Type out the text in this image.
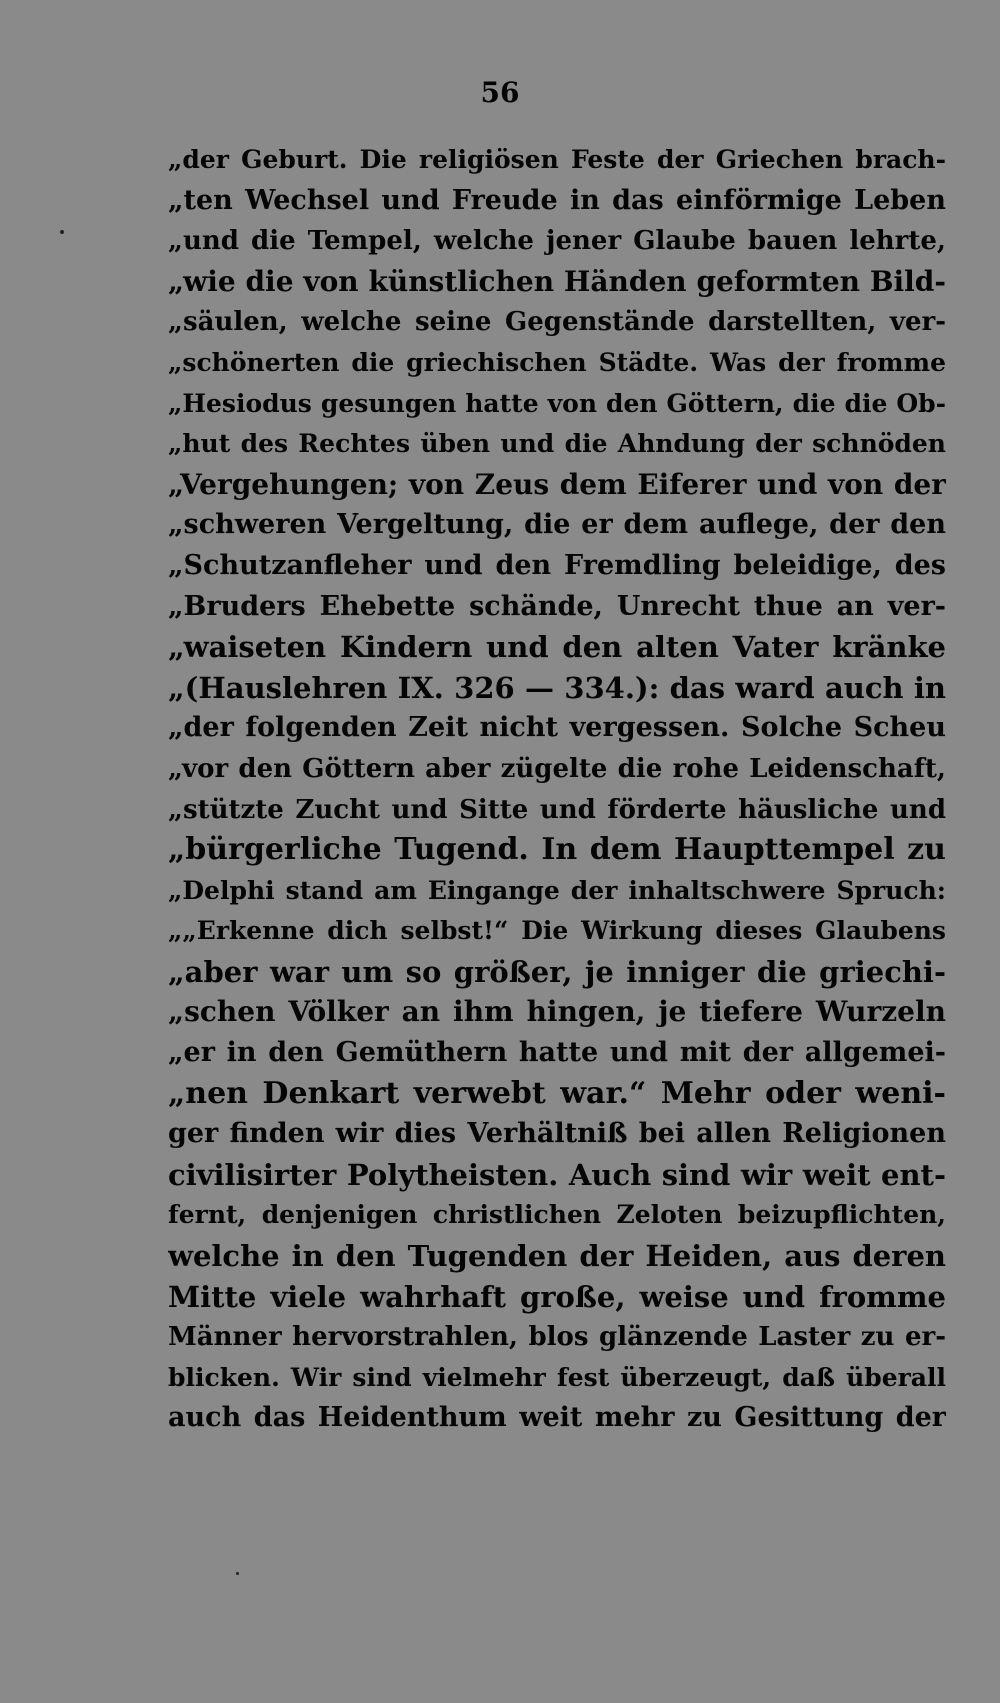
56
„der Geburt. Die religiösen Feste der Griechen brach-
„ten Wechsel und Freude in das einförmige Leben
„und die Tempel, welche jener Glaube bauen lehrte,
„wie die von künstlichen Händen geformten Bild-
„säulen, welche seine Gegenstände darstellten, ver-
„schönerten die griechischen Städte. Was der fromme
„Hesiodus gesungen hatte von den Göttern, die die Ob-
„hut des Rechtes üben und die Ahndung der schnöden
„Vergehungen; von Zeus dem Eiferer und von der
„schweren Vergeltung, die er dem auflege, der den
„Schutzanfleher und den Fremdling beleidige, des
„Bruders Ehebette schände, Unrecht thue an ver-
„waiseten Kindern und den alten Vater kränke
„(Hauslehren IX. 326 — 334.): das ward auch in
„der folgenden Zeit nicht vergessen. Solche Scheu
„vor den Göttern aber zügelte die rohe Leidenschaft,
„stützte Zucht und Sitte und förderte häusliche und
„bürgerliche Tugend. In dem Haupttempel zu
„Delphi stand am Eingange der inhaltschwere Spruch:
„„Erkenne dich selbst!“ Die Wirkung dieses Glaubens
„aber war um so größer, je inniger die griechi-
„schen Völker an ihm hingen, je tiefere Wurzeln
„er in den Gemüthern hatte und mit der allgemei-
„nen Denkart verwebt war.“ Mehr oder weni-
ger finden wir dies Verhältniß bei allen Religionen
civilisirter Polytheisten. Auch sind wir weit ent-
fernt, denjenigen christlichen Zeloten beizupflichten,
welche in den Tugenden der Heiden, aus deren
Mitte viele wahrhaft große, weise und fromme
Männer hervorstrahlen, blos glänzende Laster zu er-
blicken. Wir sind vielmehr fest überzeugt, daß überall
auch das Heidenthum weit mehr zu Gesittung der
